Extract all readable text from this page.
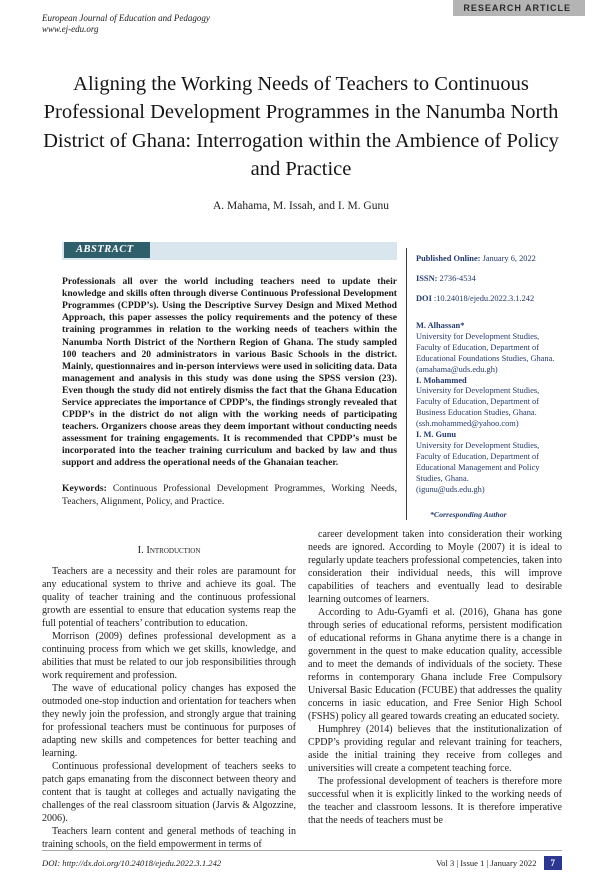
RESEARCH ARTICLE
European Journal of Education and Pedagogy
www.ej-edu.org
Aligning the Working Needs of Teachers to Continuous Professional Development Programmes in the Nanumba North District of Ghana: Interrogation within the Ambience of Policy and Practice
A. Mahama, M. Issah, and I. M. Gunu
ABSTRACT

Professionals all over the world including teachers need to update their knowledge and skills often through diverse Continuous Professional Development Programmes (CPDP’s). Using the Descriptive Survey Design and Mixed Method Approach, this paper assesses the policy requirements and the potency of these training programmes in relation to the working needs of teachers within the Nanumba North District of the Northern Region of Ghana. The study sampled 100 teachers and 20 administrators in various Basic Schools in the district. Mainly, questionnaires and in-person interviews were used in soliciting data. Data management and analysis in this study was done using the SPSS version (23). Even though the study did not entirely dismiss the fact that the Ghana Education Service appreciates the importance of CPDP’s, the findings strongly revealed that CPDP’s in the district do not align with the working needs of participating teachers. Organizers choose areas they deem important without conducting needs assessment for training engagements. It is recommended that CPDP’s must be incorporated into the teacher training curriculum and backed by law and thus support and address the operational needs of the Ghanaian teacher.

Keywords: Continuous Professional Development Programmes, Working Needs, Teachers, Alignment, Policy, and Practice.

Published Online: January 6, 2022

ISSN: 2736-4534

DOI :10.24018/ejedu.2022.3.1.242

M. Alhassan*

University for Development Studies, Faculty of Education, Department of Educational Foundations Studies, Ghana.

(amahama@uds.edu.gh)

I. Mohammed

University for Development Studies, Faculty of Education, Department of Business Education Studies, Ghana.

(ssh.mohammed@yahoo.com)

I. M. Gunu

University for Development Studies, Faculty of Education, Department of Educational Management and Policy Studies, Ghana.

(igunu@uds.edu.gh)

*Corresponding Author

I. Introduction

Teachers are a necessity and their roles are paramount for any educational system to thrive and achieve its goal. The quality of teacher training and the continuous professional growth are essential to ensure that education systems reap the full potential of teachers’ contribution to education.

Morrison (2009) defines professional development as a continuing process from which we get skills, knowledge, and abilities that must be related to our job responsibilities through work requirement and profession.

The wave of educational policy changes has exposed the outmoded one-stop induction and orientation for teachers when they newly join the profession, and strongly argue that training for professional teachers must be continuous for purposes of adapting new skills and competences for better teaching and learning.

Continuous professional development of teachers seeks to patch gaps emanating from the disconnect between theory and content that is taught at colleges and actually navigating the challenges of the real classroom situation (Jarvis & Algozzine, 2006).

Teachers learn content and general methods of teaching in training schools, on the field empowerment in terms of

career development taken into consideration their working needs are ignored. According to Moyle (2007) it is ideal to regularly update teachers professional competencies, taken into consideration their individual needs, this will improve capabilities of teachers and eventually lead to desirable learning outcomes of learners.

According to Adu-Gyamfi et al. (2016), Ghana has gone through series of educational reforms, persistent modification of educational reforms in Ghana anytime there is a change in government in the quest to make education quality, accessible and to meet the demands of individuals of the society. These reforms in contemporary Ghana include Free Compulsory Universal Basic Education (FCUBE) that addresses the quality concerns in iasic education, and Free Senior High School (FSHS) policy all geared towards creating an educated society.

Humphrey (2014) believes that the institutionalization of CPDP’s providing regular and relevant training for teachers, aside the initial training they receive from colleges and universities will create a competent teaching force.

The professional development of teachers is therefore more successful when it is explicitly linked to the working needs of the teacher and classroom lessons. It is therefore imperative that the needs of teachers must be

DOI: http://dx.doi.org/10.24018/ejedu.2022.3.1.242	Vol 3 | Issue 1 | January 2022	7
